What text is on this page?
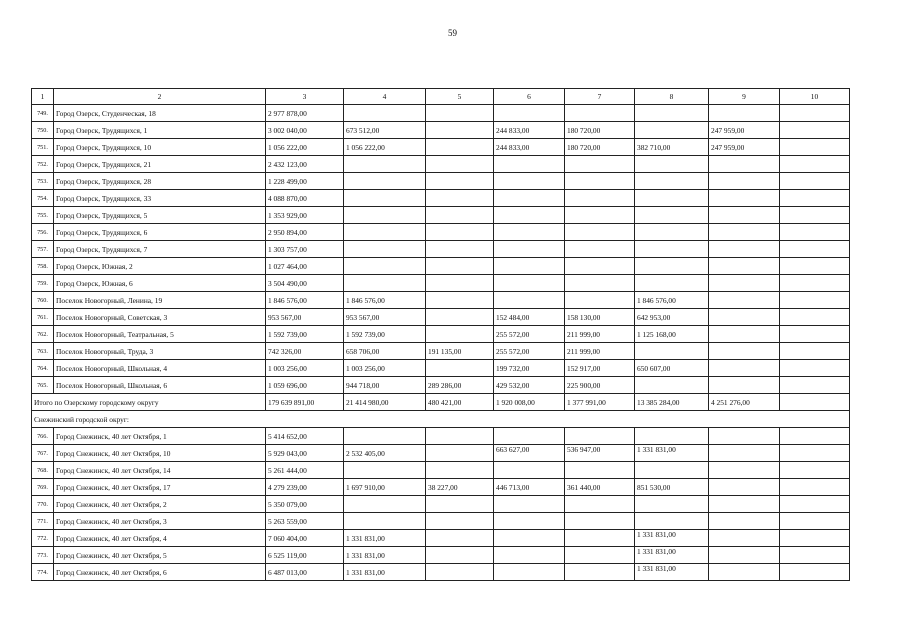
59
1	2	3	4	5	6	7	8	9	10
749.	Город Озерск, Студенческая, 18	2 977 878,00							
750.	Город Озерск, Трудящихся, 1	3 002 040,00	673 512,00		244 833,00	180 720,00		247 959,00	
751.	Город Озерск, Трудящихся, 10	1 056 222,00	1 056 222,00		244 833,00	180 720,00	382 710,00	247 959,00	
752.	Город Озерск, Трудящихся, 21	2 432 123,00							
753.	Город Озерск, Трудящихся, 28	1 228 499,00							
754.	Город Озерск, Трудящихся, 33	4 088 870,00							
755.	Город Озерск, Трудящихся, 5	1 353 929,00							
756.	Город Озерск, Трудящихся, 6	2 950 894,00							
757.	Город Озерск, Трудящихся, 7	1 303 757,00							
758.	Город Озерск, Южная, 2	1 027 464,00							
759.	Город Озерск, Южная, 6	3 504 490,00							
760.	Поселок Новогорный, Ленина, 19	1 846 576,00	1 846 576,00				1 846 576,00		
761.	Поселок Новогорный, Советская, 3	953 567,00	953 567,00		152 484,00	158 130,00	642 953,00		
762.	Поселок Новогорный, Театральная, 5	1 592 739,00	1 592 739,00		255 572,00	211 999,00	1 125 168,00		
763.	Поселок Новогорный, Труда, 3	742 326,00	658 706,00	191 135,00	255 572,00	211 999,00			
764.	Поселок Новогорный, Школьная, 4	1 003 256,00	1 003 256,00		199 732,00	152 917,00	650 607,00		
765.	Поселок Новогорный, Школьная, 6	1 059 696,00	944 718,00	289 286,00	429 532,00	225 900,00			
Итого по Озерскому городскому округу		179 639 891,00	21 414 980,00	480 421,00	1 920 008,00	1 377 991,00	13 385 284,00	4 251 276,00	
Снежинский городской округ:									
766.	Город Снежинск, 40 лет Октября, 1	5 414 652,00							
767.	Город Снежинск, 40 лет Октября, 10	5 929 043,00	2 532 405,00		663 627,00	536 947,00	1 331 831,00		
768.	Город Снежинск, 40 лет Октября, 14	5 261 444,00							
769.	Город Снежинск, 40 лет Октября, 17	4 279 239,00	1 697 910,00	38 227,00	446 713,00	361 440,00	851 530,00		
770.	Город Снежинск, 40 лет Октября, 2	5 350 079,00							
771.	Город Снежинск, 40 лет Октября, 3	5 263 559,00							
772.	Город Снежинск, 40 лет Октября, 4	7 060 404,00	1 331 831,00				1 331 831,00		
773.	Город Снежинск, 40 лет Октября, 5	6 525 119,00	1 331 831,00				1 331 831,00		
774.	Город Снежинск, 40 лет Октября, 6	6 487 013,00	1 331 831,00				1 331 831,00		
